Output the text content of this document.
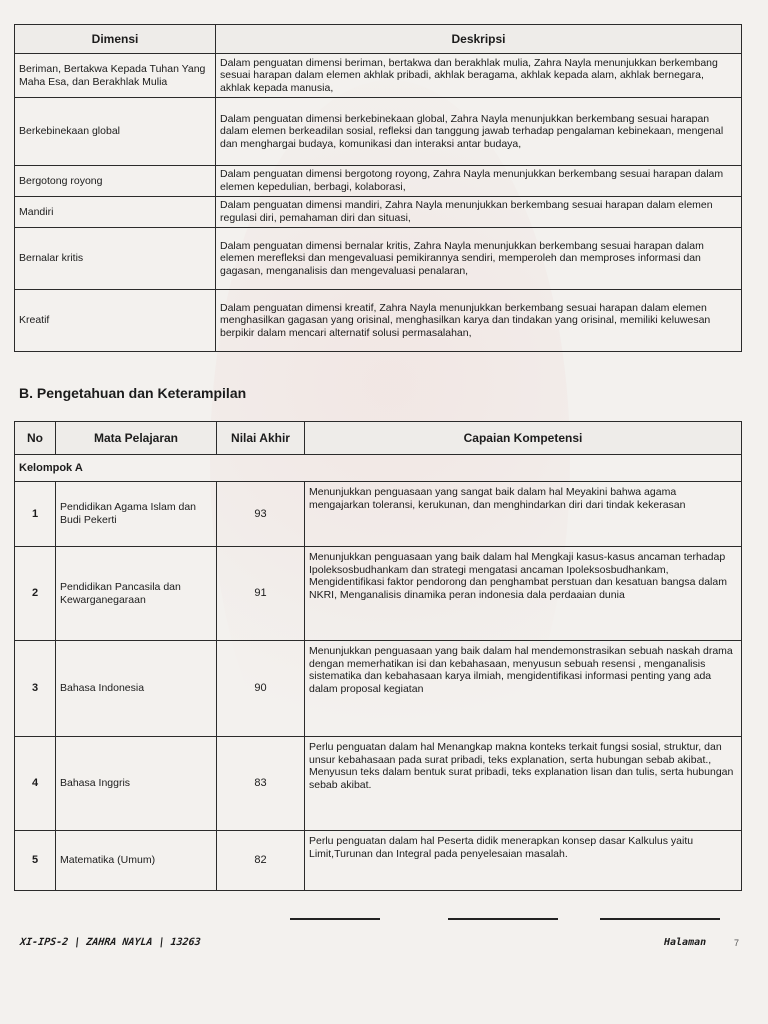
Dimensi	Deskripsi
Beriman, Bertakwa Kepada Tuhan Yang Maha Esa, dan Berakhlak Mulia	Dalam penguatan dimensi beriman, bertakwa dan berakhlak mulia, Zahra Nayla menunjukkan berkembang sesuai harapan dalam elemen akhlak pribadi, akhlak beragama, akhlak kepada alam, akhlak bernegara, akhlak kepada manusia,
Berkebinekaan global	Dalam penguatan dimensi berkebinekaan global, Zahra Nayla menunjukkan berkembang sesuai harapan dalam elemen berkeadilan sosial, refleksi dan tanggung jawab terhadap pengalaman kebinekaan, mengenal dan menghargai budaya, komunikasi dan interaksi antar budaya,
Bergotong royong	Dalam penguatan dimensi bergotong royong, Zahra Nayla menunjukkan berkembang sesuai harapan dalam elemen kepedulian, berbagi, kolaborasi,
Mandiri	Dalam penguatan dimensi mandiri, Zahra Nayla menunjukkan berkembang sesuai harapan dalam elemen regulasi diri, pemahaman diri dan situasi,
Bernalar kritis	Dalam penguatan dimensi bernalar kritis, Zahra Nayla menunjukkan berkembang sesuai harapan dalam elemen merefleksi dan mengevaluasi pemikirannya sendiri, memperoleh dan memproses informasi dan gagasan, menganalisis dan mengevaluasi penalaran,
Kreatif	Dalam penguatan dimensi kreatif, Zahra Nayla menunjukkan berkembang sesuai harapan dalam elemen menghasilkan gagasan yang orisinal, menghasilkan karya dan tindakan yang orisinal, memiliki keluwesan berpikir dalam mencari alternatif solusi permasalahan,
B. Pengetahuan dan Keterampilan
No	Mata Pelajaran	Nilai Akhir	Capaian Kompetensi
Kelompok A			
1	Pendidikan Agama Islam dan Budi Pekerti	93	Menunjukkan penguasaan yang sangat baik dalam hal Meyakini bahwa agama mengajarkan toleransi, kerukunan, dan menghindarkan diri dari tindak kekerasan
2	Pendidikan Pancasila dan Kewarganegaraan	91	Menunjukkan penguasaan yang baik dalam hal Mengkaji kasus-kasus ancaman terhadap Ipoleksosbudhankam dan strategi mengatasi ancaman Ipoleksosbudhankam, Mengidentifikasi faktor pendorong dan penghambat perstuan dan kesatuan bangsa dalam NKRI, Menganalisis dinamika peran indonesia dala perdaaian dunia
3	Bahasa Indonesia	90	Menunjukkan penguasaan yang baik dalam hal mendemonstrasikan sebuah naskah drama dengan memerhatikan isi dan kebahasaan, menyusun sebuah resensi , menganalisis sistematika dan kebahasaan karya ilmiah, mengidentifikasi informasi penting yang ada dalam proposal kegiatan
4	Bahasa Inggris	83	Perlu penguatan dalam hal Menangkap makna konteks terkait fungsi sosial, struktur, dan unsur kebahasaan pada surat pribadi, teks explanation, serta hubungan sebab akibat., Menyusun teks dalam bentuk surat pribadi, teks explanation lisan dan tulis, serta hubungan sebab akibat.
5	Matematika (Umum)	82	Perlu penguatan dalam hal Peserta didik menerapkan konsep dasar Kalkulus yaitu Limit,Turunan dan Integral pada penyelesaian masalah.
XI-IPS-2 | ZAHRA NAYLA | 13263	Halaman	7
